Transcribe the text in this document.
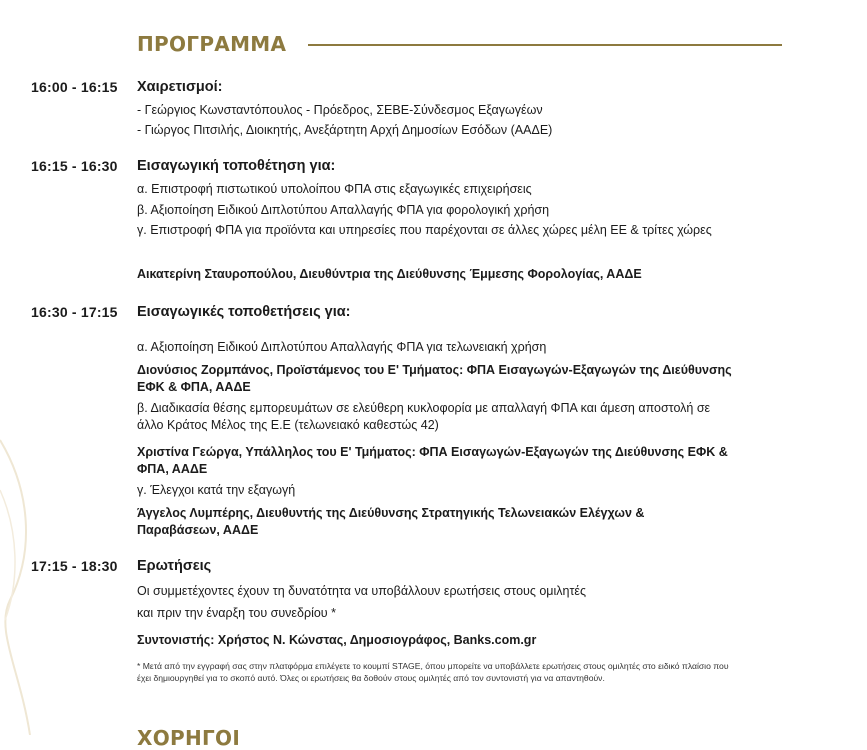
ΠΡΟΓΡΑΜΜΑ
16:00 - 16:15 Χαιρετισμοί:
- Γεώργιος Κωνσταντόπουλος - Πρόεδρος, ΣΕΒΕ-Σύνδεσμος Εξαγωγέων
- Γιώργος Πιτσιλής, Διοικητής, Ανεξάρτητη Αρχή Δημοσίων Εσόδων (ΑΑΔΕ)
16:15 - 16:30 Εισαγωγική τοποθέτηση για:
α. Επιστροφή πιστωτικού υπολοίπου ΦΠΑ στις εξαγωγικές επιχειρήσεις
β. Αξιοποίηση Ειδικού Διπλοτύπου Απαλλαγής ΦΠΑ για φορολογική χρήση
γ. Επιστροφή ΦΠΑ για προϊόντα και υπηρεσίες που παρέχονται σε άλλες χώρες μέλη ΕΕ & τρίτες χώρες
Αικατερίνη Σταυροπούλου, Διευθύντρια της Διεύθυνσης Έμμεσης Φορολογίας, ΑΑΔΕ
16:30 - 17:15 Εισαγωγικές τοποθετήσεις για:
α. Αξιοποίηση Ειδικού Διπλοτύπου Απαλλαγής ΦΠΑ για τελωνειακή χρήση
Διονύσιος Ζορμπάνος, Προϊστάμενος του Ε' Τμήματος: ΦΠΑ Εισαγωγών-Εξαγωγών της Διεύθυνσης ΕΦΚ & ΦΠΑ, ΑΑΔΕ
β. Διαδικασία θέσης εμπορευμάτων σε ελεύθερη κυκλοφορία με απαλλαγή ΦΠΑ και άμεση αποστολή σε άλλο Κράτος Μέλος της Ε.Ε (τελωνειακό καθεστώς 42)
Χριστίνα Γεώργα, Υπάλληλος του Ε' Τμήματος: ΦΠΑ Εισαγωγών-Εξαγωγών της Διεύθυνσης ΕΦΚ & ΦΠΑ, ΑΑΔΕ
γ. Έλεγχοι κατά την εξαγωγή
Άγγελος Λυμπέρης, Διευθυντής της Διεύθυνσης Στρατηγικής Τελωνειακών Ελέγχων & Παραβάσεων, ΑΑΔΕ
17:15 - 18:30 Ερωτήσεις
Οι συμμετέχοντες έχουν τη δυνατότητα να υποβάλλουν ερωτήσεις στους ομιλητές
και πριν την έναρξη του συνεδρίου *
Συντονιστής: Χρήστος Ν. Κώνστας, Δημοσιογράφος, Banks.com.gr
* Μετά από την εγγραφή σας στην πλατφόρμα επιλέγετε το κουμπί STAGE, όπου μπορείτε να υποβάλλετε ερωτήσεις στους ομιλητές στο ειδικό πλαίσιο που έχει δημιουργηθεί για το σκοπό αυτό. Όλες οι ερωτήσεις θα δοθούν στους ομιλητές από τον συντονιστή για να απαντηθούν.
ΧΟΡΗΓΟΙ
